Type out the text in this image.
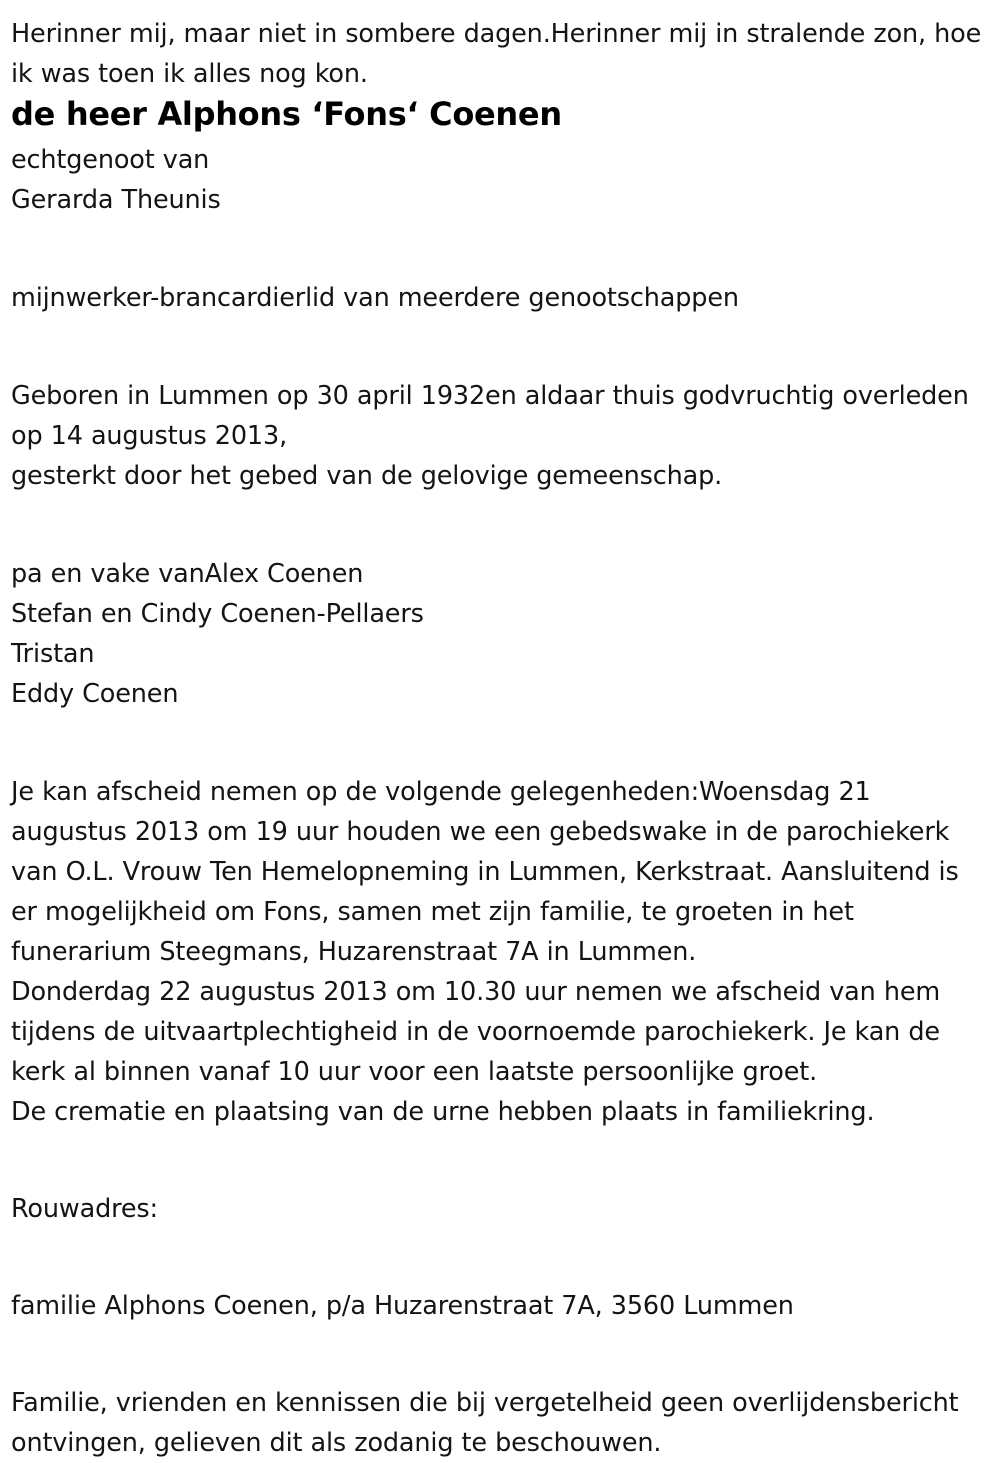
Herinner mij, maar niet in sombere dagen.Herinner mij in stralende zon, hoe ik was toen ik alles nog kon.

de heer Alphons ‘Fons‘ Coenen

echtgenoot van

Gerarda Theunis

mijnwerker-brancardierlid van meerdere genootschappen

Geboren in Lummen op 30 april 1932en aldaar thuis godvruchtig overleden op 14 augustus 2013,

gesterkt door het gebed van de gelovige gemeenschap.

pa en vake vanAlex Coenen
Stefan en Cindy Coenen-Pellaers
Tristan
Eddy Coenen

Je kan afscheid nemen op de volgende gelegenheden:Woensdag 21 augustus 2013 om 19 uur houden we een gebedswake in de parochiekerk van O.L. Vrouw Ten Hemelopneming in Lummen, Kerkstraat. Aansluitend is er mogelijkheid om Fons, samen met zijn familie, te groeten in het funerarium Steegmans, Huzarenstraat 7A in Lummen.

Donderdag 22 augustus 2013 om 10.30 uur nemen we afscheid van hem tijdens de uitvaartplechtigheid in de voornoemde parochiekerk. Je kan de kerk al binnen vanaf 10 uur voor een laatste persoonlijke groet.

De crematie en plaatsing van de urne hebben plaats in familiekring.

Rouwadres:

familie Alphons Coenen, p/a Huzarenstraat 7A, 3560 Lummen

Familie, vrienden en kennissen die bij vergetelheid geen overlijdensbericht ontvingen, gelieven dit als zodanig te beschouwen.
